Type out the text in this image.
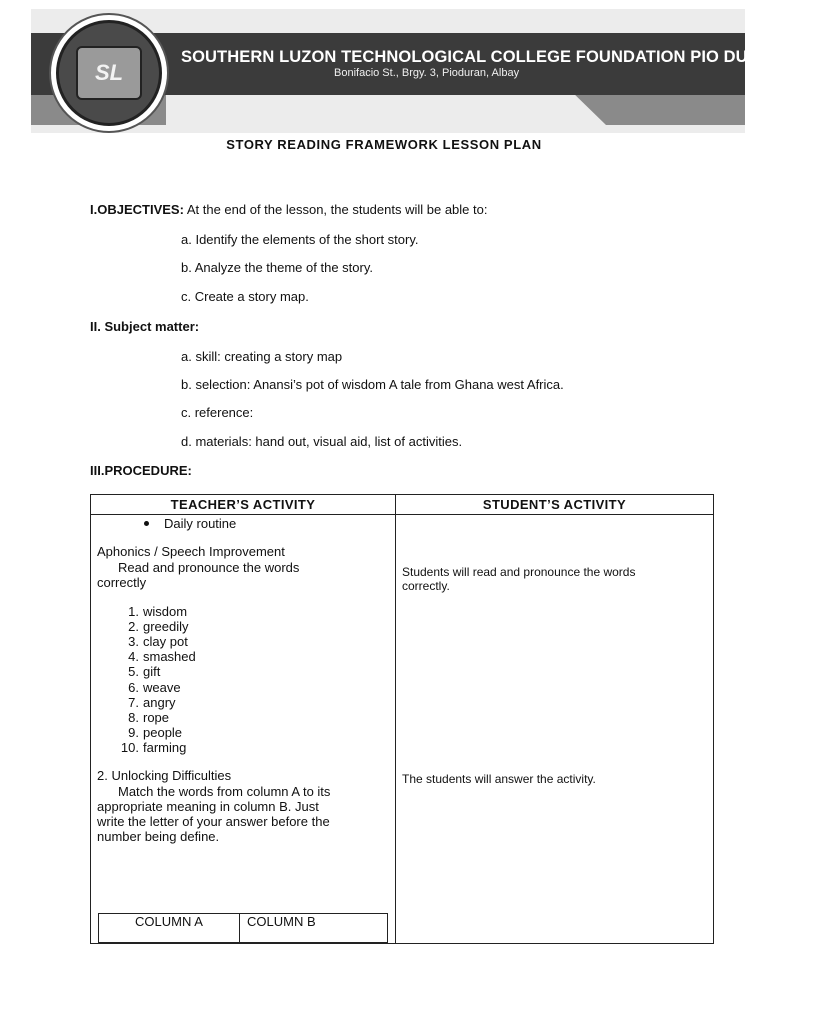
SL
SOUTHERN LUZON TECHNOLOGICAL COLLEGE FOUNDATION PIO DURAN, INC.
Bonifacio St., Brgy. 3, Pioduran, Albay
STORY READING FRAMEWORK LESSON PLAN
I.OBJECTIVES: At the end of the lesson, the students will be able to:
a. Identify the elements of the short story.
b. Analyze the theme of the story.
c. Create a story map.
II. Subject matter:
a. skill: creating a story map
b. selection: Anansi’s pot of wisdom A tale from Ghana west Africa.
c. reference:
d. materials: hand out, visual aid, list of activities.
III.PROCEDURE:
TEACHER’S ACTIVITY	STUDENT’S ACTIVITY
Daily routine
Aphonics / Speech Improvement
Read and pronounce the words
correctly
1. wisdom
2. greedily
3. clay pot
4. smashed
5. gift
6. weave
7. angry
8. rope
9. people
10. farming
2. Unlocking Difficulties
Match the words from column A to its
appropriate meaning in column B. Just
write the letter of your answer before the
number being define.
COLUMN A	COLUMN B
Students will read and pronounce the words
correctly.
The students will answer the activity.
